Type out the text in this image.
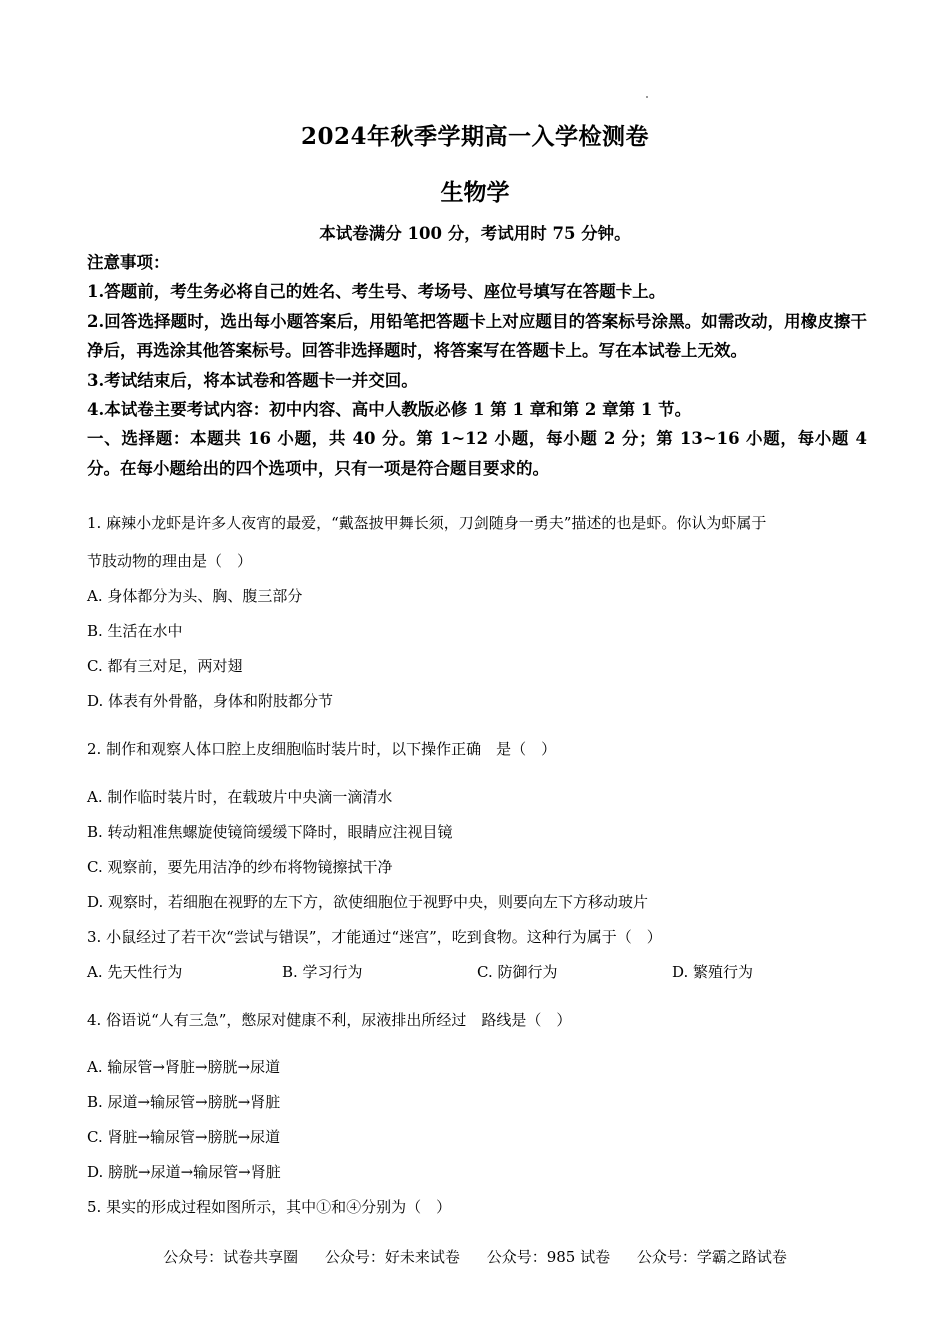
2024年秋季学期高一入学检测卷
生物学
本试卷满分 100 分，考试用时 75 分钟。
注意事项：
1.答题前，考生务必将自己的姓名、考生号、考场号、座位号填写在答题卡上。
2.回答选择题时，选出每小题答案后，用铅笔把答题卡上对应题目的答案标号涂黑。如需改动，用橡皮擦干净后，再选涂其他答案标号。回答非选择题时，将答案写在答题卡上。写在本试卷上无效。
3.考试结束后，将本试卷和答题卡一并交回。
4.本试卷主要考试内容：初中内容、高中人教版必修 1 第 1 章和第 2 章第 1 节。
一、选择题：本题共 16 小题，共 40 分。第 1~12 小题，每小题 2 分；第 13~16 小题，每小题 4 分。在每小题给出的四个选项中，只有一项是符合题目要求的。
1. 麻辣小龙虾是许多人夜宵的最爱，“戴盔披甲舞长须，刀剑随身一勇夫”描述的也是虾。你认为虾属于
节肢动物的理由是（　）
A. 身体都分为头、胸、腹三部分
B. 生活在水中
C. 都有三对足，两对翅
D. 体表有外骨骼，身体和附肢都分节
2. 制作和观察人体口腔上皮细胞临时装片时，以下操作正确　是（　）
A. 制作临时装片时，在载玻片中央滴一滴清水
B. 转动粗准焦螺旋使镜筒缓缓下降时，眼睛应注视目镜
C. 观察前，要先用洁净的纱布将物镜擦拭干净
D. 观察时，若细胞在视野的左下方，欲使细胞位于视野中央，则要向左下方移动玻片
3. 小鼠经过了若干次“尝试与错误”，才能通过“迷宫”，吃到食物。这种行为属于（　）
A. 先天性行为	B. 学习行为	C. 防御行为	D. 繁殖行为
4. 俗语说“人有三急”，憋尿对健康不利，尿液排出所经过　路线是（　）
A. 输尿管→肾脏→膀胱→尿道
B. 尿道→输尿管→膀胱→肾脏
C. 肾脏→输尿管→膀胱→尿道
D. 膀胱→尿道→输尿管→肾脏
5. 果实的形成过程如图所示，其中①和④分别为（　）
公众号：试卷共享圈 公众号：好未来试卷 公众号：985 试卷 公众号：学霸之路试卷
